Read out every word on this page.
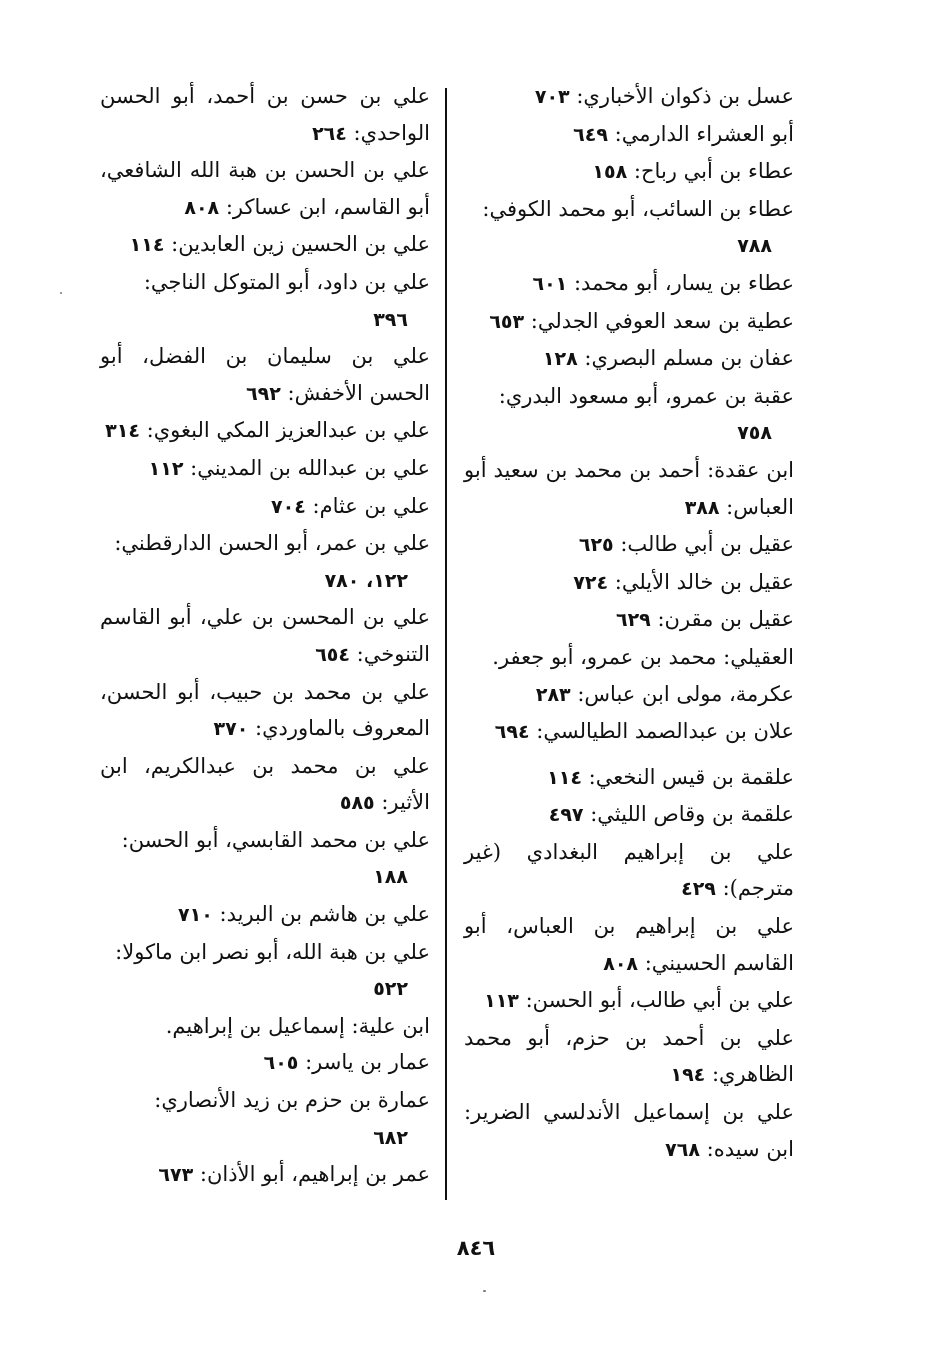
عسل بن ذكوان الأخباري: ٧٠٣
أبو العشراء الدارمي: ٦٤٩
عطاء بن أبي رباح: ١٥٨
عطاء بن السائب، أبو محمد الكوفي:
٧٨٨
عطاء بن يسار، أبو محمد: ٦٠١
عطية بن سعد العوفي الجدلي: ٦٥٣
عفان بن مسلم البصري: ١٢٨
عقبة بن عمرو، أبو مسعود البدري:
٧٥٨
ابن عقدة: أحمد بن محمد بن سعيد أبو العباس: ٣٨٨
عقيل بن أبي طالب: ٦٢٥
عقيل بن خالد الأيلي: ٧٢٤
عقيل بن مقرن: ٦٢٩
العقيلي: محمد بن عمرو، أبو جعفر.
عكرمة، مولى ابن عباس: ٢٨٣
علان بن عبدالصمد الطيالسي: ٦٩٤
علقمة بن قيس النخعي: ١١٤
علقمة بن وقاص الليثي: ٤٩٧
علي بن إبراهيم البغدادي (غير مترجم): ٤٢٩
علي بن إبراهيم بن العباس، أبو القاسم الحسيني: ٨٠٨
علي بن أبي طالب، أبو الحسن: ١١٣
علي بن أحمد بن حزم، أبو محمد الظاهري: ١٩٤
علي بن إسماعيل الأندلسي الضرير: ابن سيده: ٧٦٨
علي بن حسن بن أحمد، أبو الحسن الواحدي: ٢٦٤
علي بن الحسن بن هبة الله الشافعي، أبو القاسم، ابن عساكر: ٨٠٨
علي بن الحسين زين العابدين: ١١٤
علي بن داود، أبو المتوكل الناجي:
٣٩٦
علي بن سليمان بن الفضل، أبو الحسن الأخفش: ٦٩٢
علي بن عبدالعزيز المكي البغوي: ٣١٤
علي بن عبدالله بن المديني: ١١٢
علي بن عثام: ٧٠٤
علي بن عمر، أبو الحسن الدارقطني:
١٢٢، ٧٨٠
علي بن المحسن بن علي، أبو القاسم التنوخي: ٦٥٤
علي بن محمد بن حبيب، أبو الحسن، المعروف بالماوردي: ٣٧٠
علي بن محمد بن عبدالكريم، ابن الأثير: ٥٨٥
علي بن محمد القابسي، أبو الحسن:
١٨٨
علي بن هاشم بن البريد: ٧١٠
علي بن هبة الله، أبو نصر ابن ماكولا:
٥٢٢
ابن علية: إسماعيل بن إبراهيم.
عمار بن ياسر: ٦٠٥
عمارة بن حزم بن زيد الأنصاري:
٦٨٢
عمر بن إبراهيم، أبو الأذان: ٦٧٣
٨٤٦
